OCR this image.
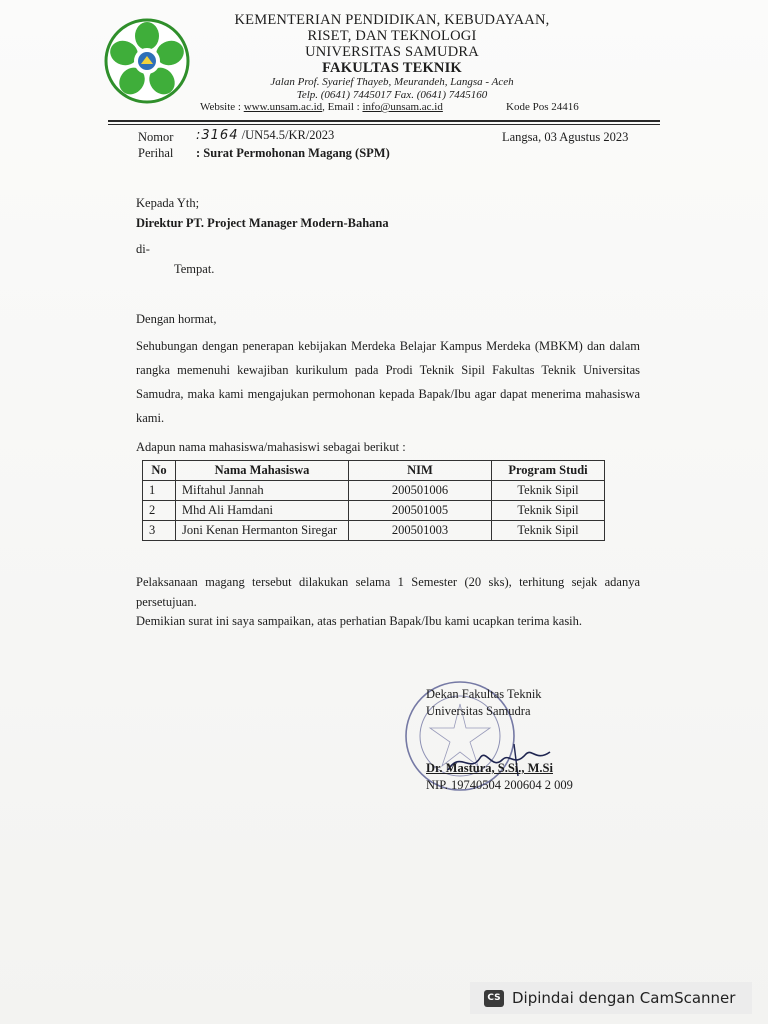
KEMENTERIAN PENDIDIKAN, KEBUDAYAAN,
RISET, DAN TEKNOLOGI
UNIVERSITAS SAMUDRA
FAKULTAS TEKNIK
Jalan Prof. Syarief Thayeb, Meurandeh, Langsa - Aceh
Telp. (0641) 7445017 Fax. (0641) 7445160
Website : www.unsam.ac.id, Email : info@unsam.ac.id	Kode Pos 24416
Nomor :3164 /UN54.5/KR/2023
Perihal : Surat Permohonan Magang (SPM)
Langsa, 03 Agustus 2023
Kepada Yth;
Direktur PT. Project Manager Modern-Bahana
di-
Tempat.
Dengan hormat,
Sehubungan dengan penerapan kebijakan Merdeka Belajar Kampus Merdeka (MBKM) dan dalam rangka memenuhi kewajiban kurikulum pada Prodi Teknik Sipil Fakultas Teknik Universitas Samudra, maka kami mengajukan permohonan kepada Bapak/Ibu agar dapat menerima mahasiswa kami.
Adapun nama mahasiswa/mahasiswi sebagai berikut :
No	Nama Mahasiswa	NIM	Program Studi
1	Miftahul Jannah	200501006	Teknik Sipil
2	Mhd Ali Hamdani	200501005	Teknik Sipil
3	Joni Kenan Hermanton Siregar	200501003	Teknik Sipil
Pelaksanaan magang tersebut dilakukan selama 1 Semester (20 sks), terhitung sejak adanya persetujuan.
Demikian surat ini saya sampaikan, atas perhatian Bapak/Ibu kami ucapkan terima kasih.
Dekan Fakultas Teknik
Universitas Samudra
Dr. Mastura, S.Si., M.Si
NIP. 19740504 200604 2 009
CS Dipindai dengan CamScanner
